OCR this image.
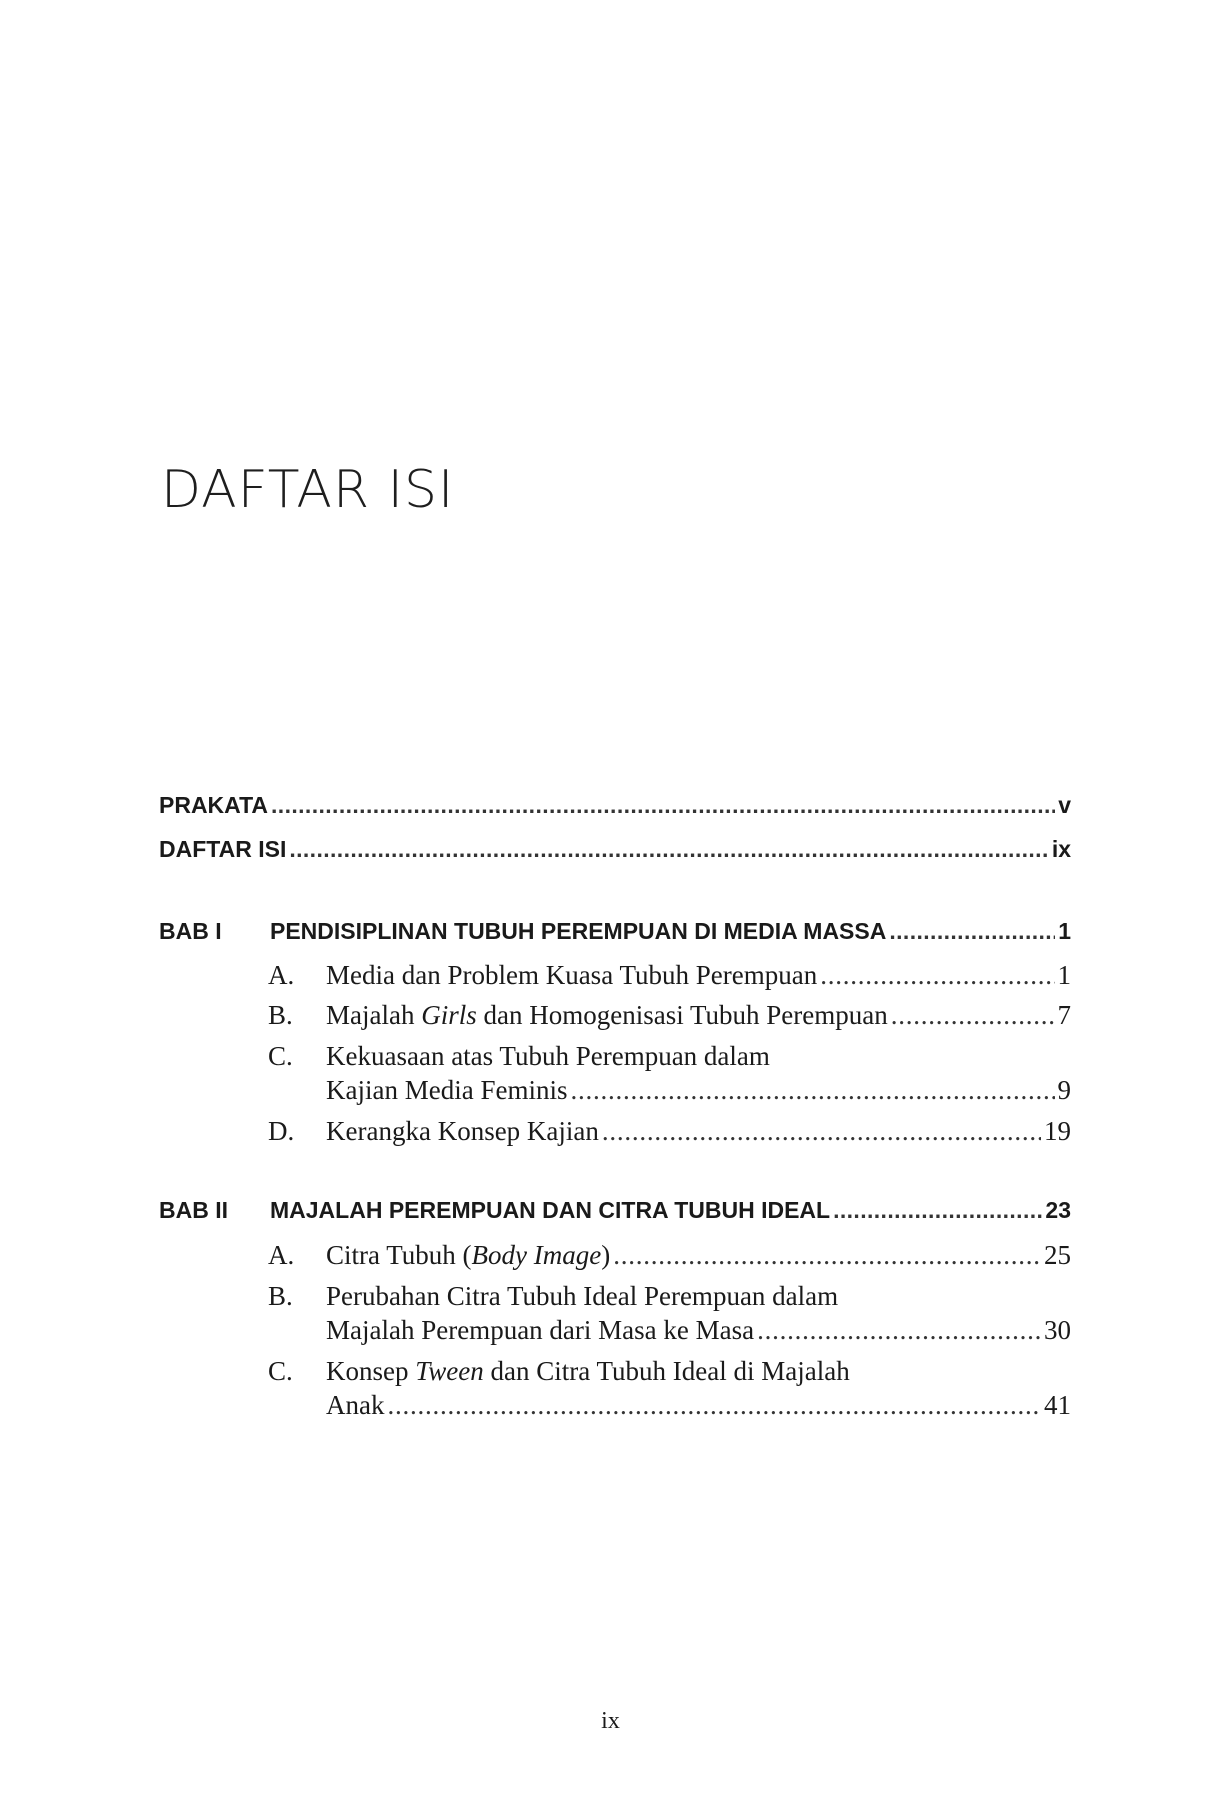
DAFTAR ISI
PRAKATA . . .	v
DAFTAR ISI . . .	ix
BAB I PENDISIPLINAN TUBUH PEREMPUAN DI MEDIA MASSA . . .	1
A. Media dan Problem Kuasa Tubuh Perempuan . . .	1
B. Majalah Girls dan Homogenisasi Tubuh Perempuan . . .	7
C. Kekuasaan atas Tubuh Perempuan dalam
Kajian Media Feminis . . .	9
D. Kerangka Konsep Kajian . . .	19
BAB II MAJALAH PEREMPUAN DAN CITRA TUBUH IDEAL . . .	23
A. Citra Tubuh (Body Image) . . .	25
B. Perubahan Citra Tubuh Ideal Perempuan dalam
Majalah Perempuan dari Masa ke Masa . . .	30
C. Konsep Tween dan Citra Tubuh Ideal di Majalah
Anak . . .	41
ix
